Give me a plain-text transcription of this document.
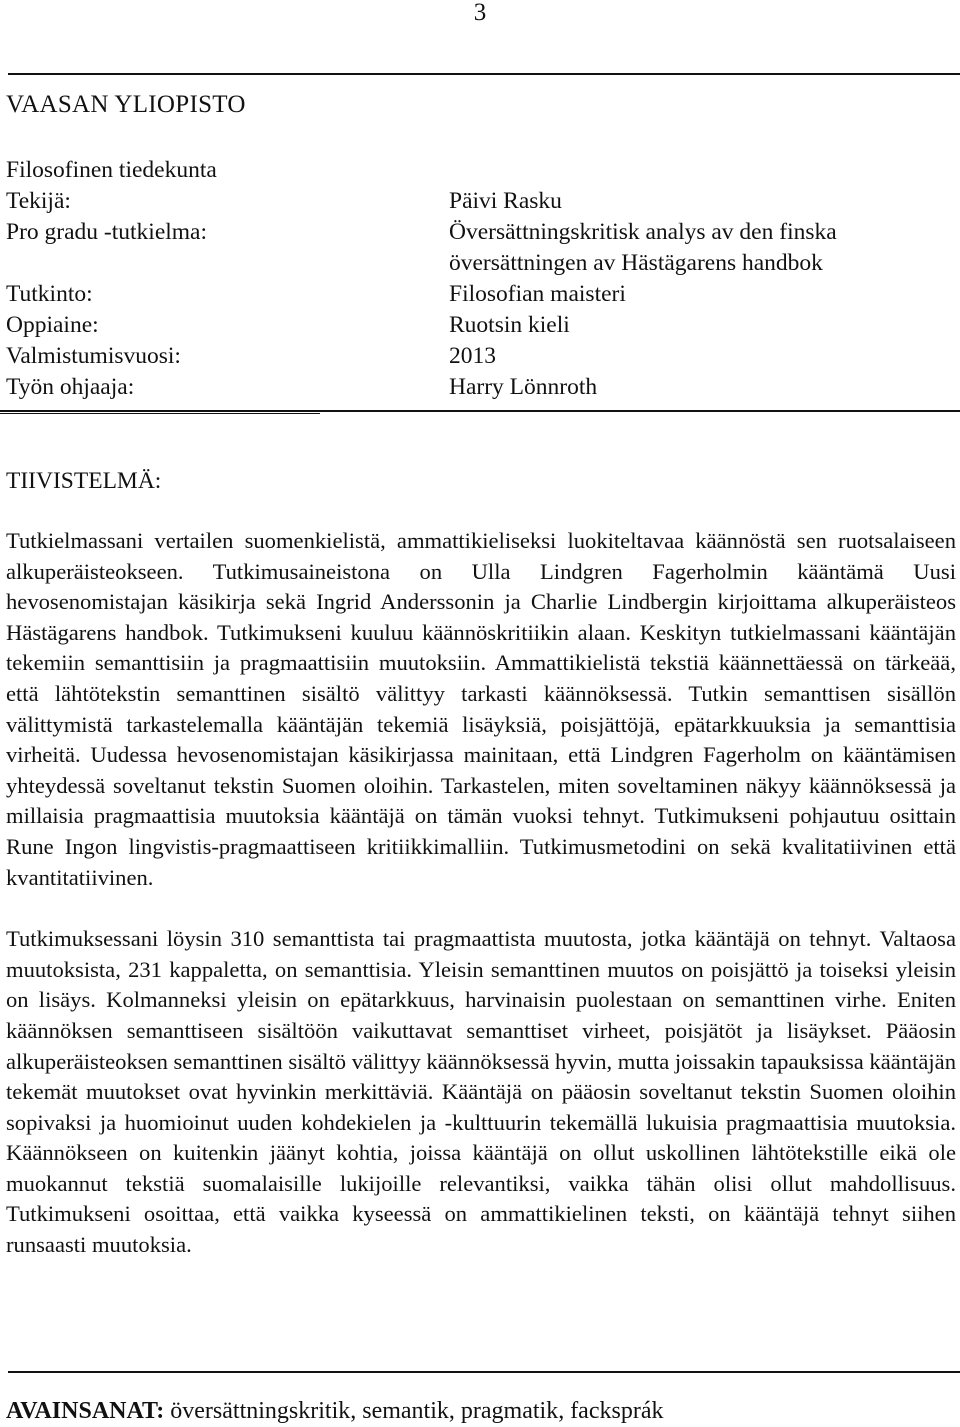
3
VAASAN YLIOPISTO
Filosofinen tiedekunta
Tekijä:	Päivi Rasku
Pro gradu -tutkielma:	Översättningskritisk analys av den finska
översättningen av Hästägarens handbok
Tutkinto:	Filosofian maisteri
Oppiaine:	Ruotsin kieli
Valmistumisvuosi:	2013
Työn ohjaaja:	Harry Lönnroth
TIIVISTELMÄ:

Tutkielmassani vertailen suomenkielistä, ammattikieliseksi luokiteltavaa käännöstä sen ruotsalaiseen alkuperäisteokseen. Tutkimusaineistona on Ulla Lindgren Fagerholmin kääntämä Uusi hevosenomistajan käsikirja sekä Ingrid Anderssonin ja Charlie Lindbergin kirjoittama alkuperäisteos Hästägarens handbok. Tutkimukseni kuuluu käännöskritiikin alaan. Keskityn tutkielmassani kääntäjän tekemiin semanttisiin ja pragmaattisiin muutoksiin. Ammattikielistä tekstiä käännettäessä on tärkeää, että lähtötekstin semanttinen sisältö välittyy tarkasti käännöksessä. Tutkin semanttisen sisällön välittymistä tarkastelemalla kääntäjän tekemiä lisäyksiä, poisjättöjä, epätarkkuuksia ja semanttisia virheitä. Uudessa hevosenomistajan käsikirjassa mainitaan, että Lindgren Fagerholm on kääntämisen yhteydessä soveltanut tekstin Suomen oloihin. Tarkastelen, miten soveltaminen näkyy käännöksessä ja millaisia pragmaattisia muutoksia kääntäjä on tämän vuoksi tehnyt. Tutkimukseni pohjautuu osittain Rune Ingon lingvistis-pragmaattiseen kritiikkimalliin. Tutkimusmetodini on sekä kvalitatiivinen että kvantitatiivinen.

Tutkimuksessani löysin 310 semanttista tai pragmaattista muutosta, jotka kääntäjä on tehnyt. Valtaosa muutoksista, 231 kappaletta, on semanttisia. Yleisin semanttinen muutos on poisjättö ja toiseksi yleisin on lisäys. Kolmanneksi yleisin on epätarkkuus, harvinaisin puolestaan on semanttinen virhe. Eniten käännöksen semanttiseen sisältöön vaikuttavat semanttiset virheet, poisjätöt ja lisäykset. Pääosin alkuperäisteoksen semanttinen sisältö välittyy käännöksessä hyvin, mutta joissakin tapauksissa kääntäjän tekemät muutokset ovat hyvinkin merkittäviä. Kääntäjä on pääosin soveltanut tekstin Suomen oloihin sopivaksi ja huomioinut uuden kohdekielen ja -kulttuurin tekemällä lukuisia pragmaattisia muutoksia. Käännökseen on kuitenkin jäänyt kohtia, joissa kääntäjä on ollut uskollinen lähtötekstille eikä ole muokannut tekstiä suomalaisille lukijoille relevantiksi, vaikka tähän olisi ollut mahdollisuus. Tutkimukseni osoittaa, että vaikka kyseessä on ammattikielinen teksti, on kääntäjä tehnyt siihen runsaasti muutoksia.

AVAINSANAT: översättningskritik, semantik, pragmatik, facksprák
